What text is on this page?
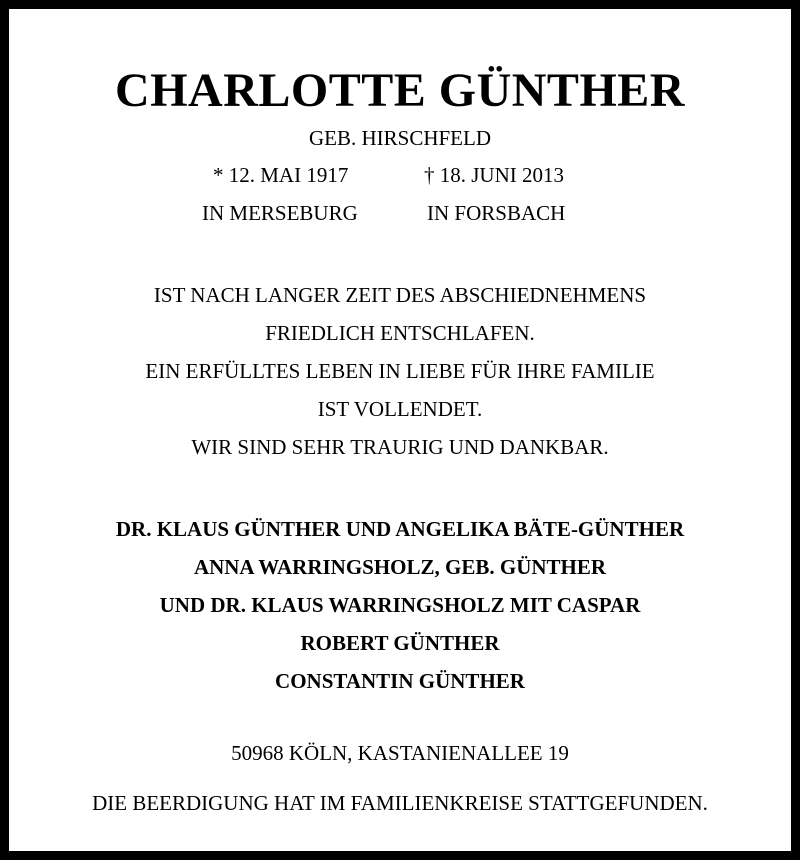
CHARLOTTE GÜNTHER
GEB. HIRSCHFELD
* 12. MAI 1917	† 18. JUNI 2013
IN MERSEBURG	IN FORSBACH
IST NACH LANGER ZEIT DES ABSCHIEDNEHMENS
FRIEDLICH ENTSCHLAFEN.
EIN ERFÜLLTES LEBEN IN LIEBE FÜR IHRE FAMILIE
IST VOLLENDET.
WIR SIND SEHR TRAURIG UND DANKBAR.
DR. KLAUS GÜNTHER UND ANGELIKA BÄTE-GÜNTHER
ANNA WARRINGSHOLZ, GEB. GÜNTHER
UND DR. KLAUS WARRINGSHOLZ MIT CASPAR
ROBERT GÜNTHER
CONSTANTIN GÜNTHER
50968 KÖLN, KASTANIENALLEE 19
DIE BEERDIGUNG HAT IM FAMILIENKREISE STATTGEFUNDEN.
